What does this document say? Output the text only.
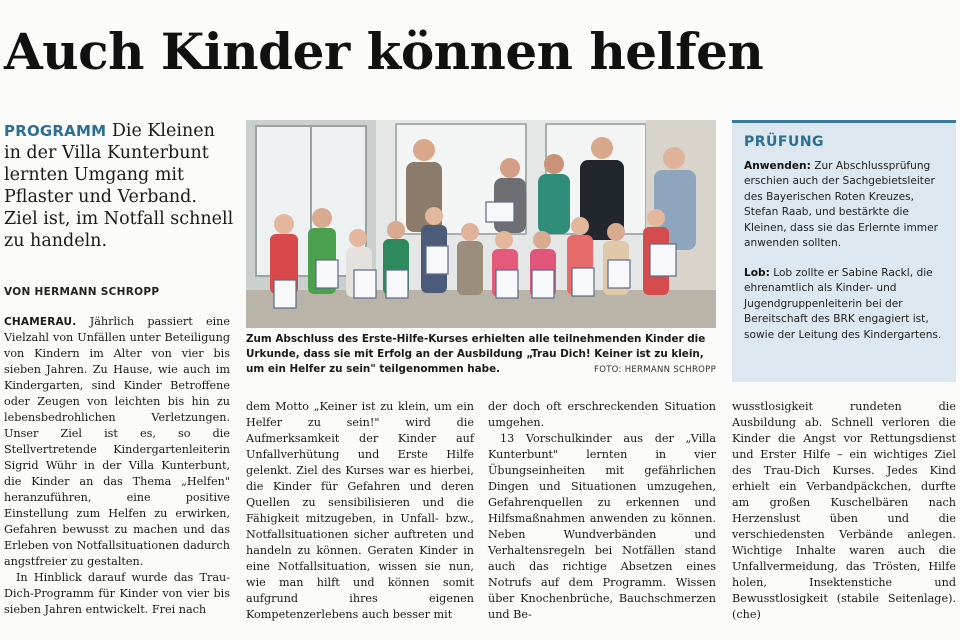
Auch Kinder können helfen
PROGRAMM Die Kleinen in der Villa Kunterbunt lernten Umgang mit Pflaster und Verband. Ziel ist, im Notfall schnell zu handeln.
VON HERMANN SCHROPP

CHAMERAU. Jährlich passiert eine Vielzahl von Unfällen unter Beteiligung von Kindern im Alter von vier bis sieben Jahren. Zu Hause, wie auch im Kindergarten, sind Kinder Betroffene oder Zeugen von leichten bis hin zu lebensbedrohlichen Verletzungen. Unser Ziel ist es, so die Stellvertretende Kindergartenleiterin Sigrid Wühr in der Villa Kunterbunt, die Kinder an das Thema „Helfen" heranzuführen, eine positive Einstellung zum Helfen zu erwirken, Gefahren bewusst zu machen und das Erleben von Notfallsituationen dadurch angstfreier zu gestalten.

In Hinblick darauf wurde das Trau-Dich-Programm für Kinder von vier bis sieben Jahren entwickelt. Frei nach

Zum Abschluss des Erste-Hilfe-Kurses erhielten alle teilnehmenden Kinder die Urkunde, dass sie mit Erfolg an der Ausbildung „Trau Dich! Keiner ist zu klein, um ein Helfer zu sein" teilgenommen habe.	FOTO: HERMANN SCHROPP

dem Motto „Keiner ist zu klein, um ein Helfer zu sein!" wird die Aufmerksamkeit der Kinder auf Unfallverhütung und Erste Hilfe gelenkt. Ziel des Kurses war es hierbei, die Kinder für Gefahren und deren Quellen zu sensibilisieren und die Fähigkeit mitzugeben, in Unfall- bzw., Notfallsituationen sicher auftreten und handeln zu können. Geraten Kinder in eine Notfallsituation, wissen sie nun, wie man hilft und können somit aufgrund ihres eigenen Kompetenzerlebens auch besser mit

der doch oft erschreckenden Situation umgehen.

13 Vorschulkinder aus der „Villa Kunterbunt" lernten in vier Übungseinheiten mit gefährlichen Dingen und Situationen umzugehen, Gefahrenquellen zu erkennen und Hilfsmaßnahmen anwenden zu können. Neben Wundverbänden und Verhaltensregeln bei Notfällen stand auch das richtige Absetzen eines Notrufs auf dem Programm. Wissen über Knochenbrüche, Bauchschmerzen und Be-

wusstlosigkeit rundeten die Ausbildung ab. Schnell verloren die Kinder die Angst vor Rettungsdienst und Erster Hilfe – ein wichtiges Ziel des Trau-Dich Kurses. Jedes Kind erhielt ein Verbandpäckchen, durfte am großen Kuschelbären nach Herzenslust üben und die verschiedensten Verbände anlegen. Wichtige Inhalte waren auch die Unfallvermeidung, das Trösten, Hilfe holen, Insektenstiche und Bewusstlosigkeit (stabile Seitenlage). (che)

PRÜFUNG

Anwenden: Zur Abschlussprüfung erschien auch der Sachgebietsleiter des Bayerischen Roten Kreuzes, Stefan Raab, und bestärkte die Kleinen, dass sie das Erlernte immer anwenden sollten.

Lob: Lob zollte er Sabine Rackl, die ehrenamtlich als Kinder- und Jugendgruppenleiterin bei der Bereitschaft des BRK engagiert ist, sowie der Leitung des Kindergartens.
